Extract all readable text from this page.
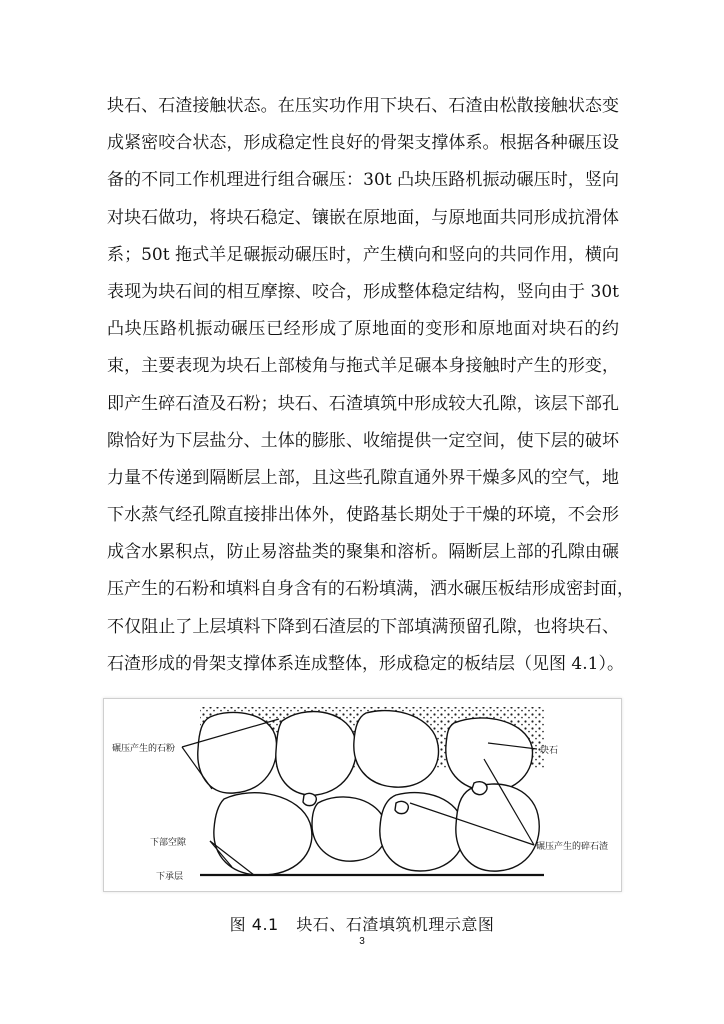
块石、石渣接触状态。在压实功作用下块石、石渣由松散接触状态变
成紧密咬合状态，形成稳定性良好的骨架支撑体系。根据各种碾压设
备的不同工作机理进行组合碾压：30t 凸块压路机振动碾压时，竖向
对块石做功，将块石稳定、镶嵌在原地面，与原地面共同形成抗滑体
系；50t 拖式羊足碾振动碾压时，产生横向和竖向的共同作用，横向
表现为块石间的相互摩擦、咬合，形成整体稳定结构，竖向由于 30t
凸块压路机振动碾压已经形成了原地面的变形和原地面对块石的约
束，主要表现为块石上部棱角与拖式羊足碾本身接触时产生的形变，
即产生碎石渣及石粉；块石、石渣填筑中形成较大孔隙，该层下部孔
隙恰好为下层盐分、土体的膨胀、收缩提供一定空间，使下层的破坏
力量不传递到隔断层上部，且这些孔隙直通外界干燥多风的空气，地
下水蒸气经孔隙直接排出体外，使路基长期处于干燥的环境，不会形
成含水累积点，防止易溶盐类的聚集和溶析。隔断层上部的孔隙由碾
压产生的石粉和填料自身含有的石粉填满，洒水碾压板结形成密封面，
不仅阻止了上层填料下降到石渣层的下部填满预留孔隙，也将块石、
石渣形成的骨架支撑体系连成整体，形成稳定的板结层（见图 4.1）。
碾压产生的石粉	块石
下部空隙
下承层
碾压产生的碎石渣
图 4.1 块石、石渣填筑机理示意图
3
